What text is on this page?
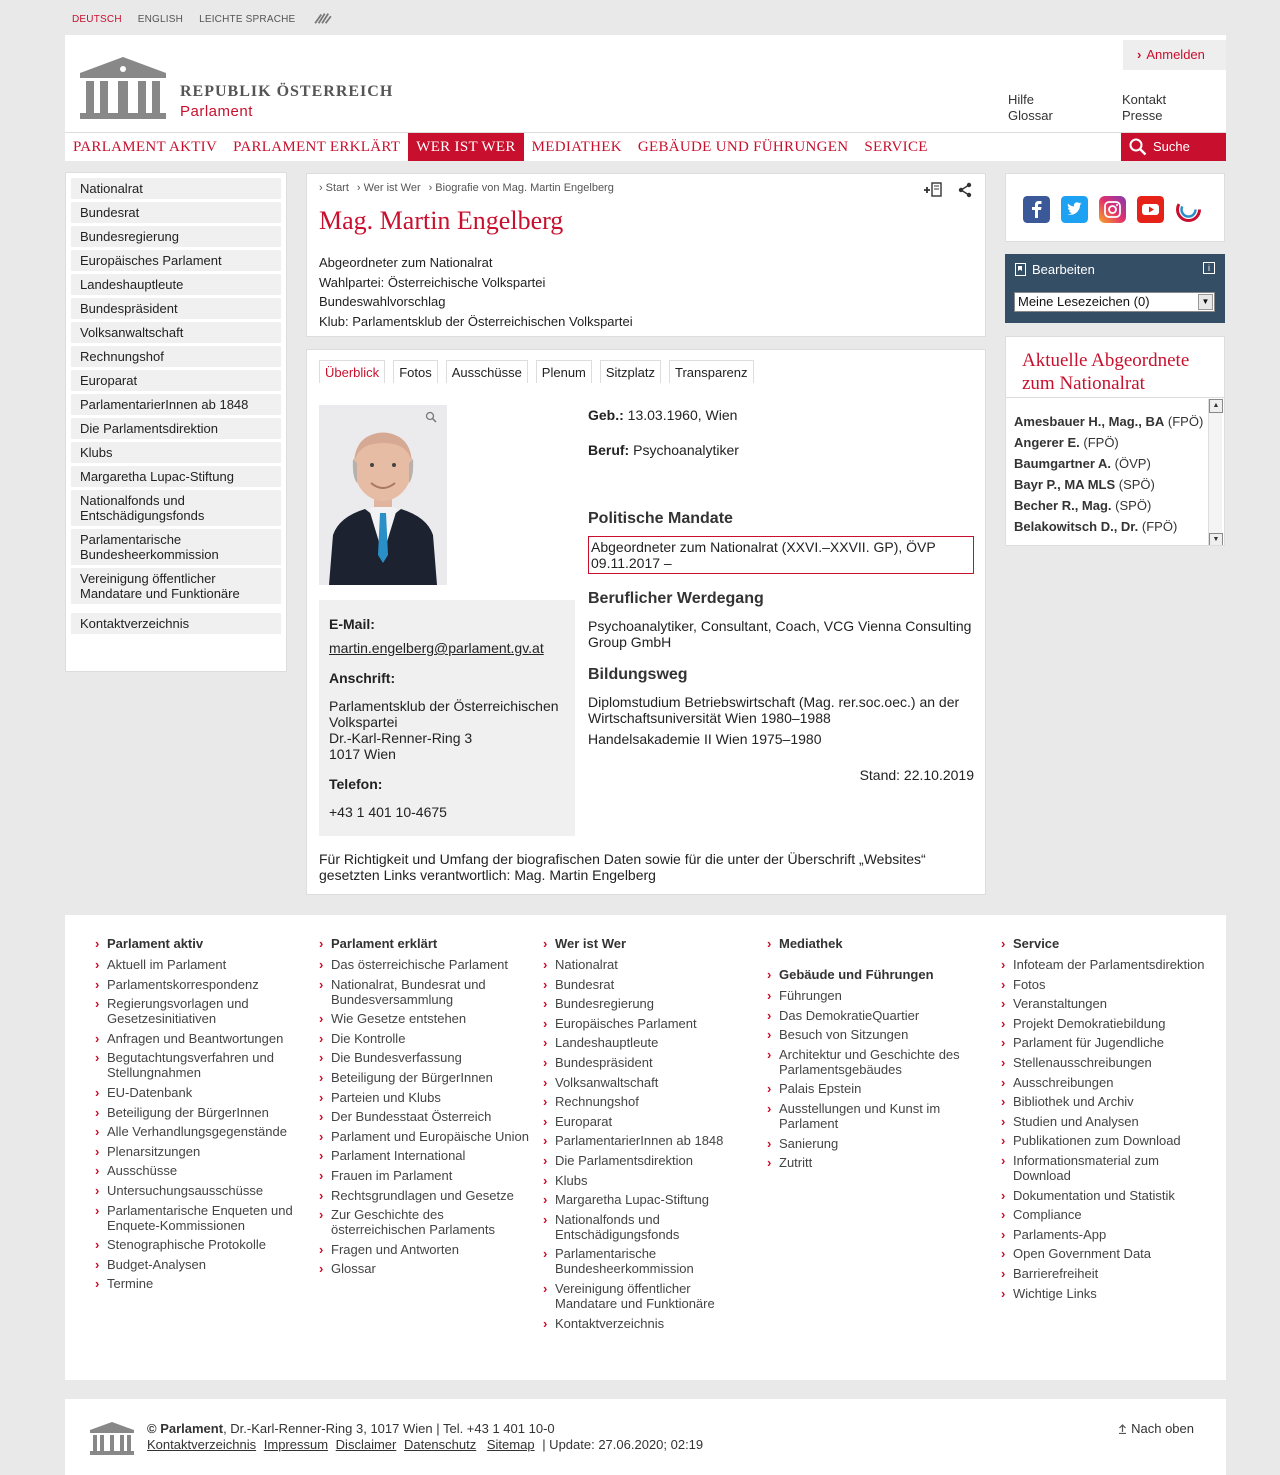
DEUTSCH ENGLISH LEICHTE SPRACHE
REPUBLIK ÖSTERREICH
Parlament
› Anmelden
Hilfe
Glossar
Kontakt
Presse
PARLAMENT AKTIV	PARLAMENT ERKLÄRT	WER IST WER	MEDIATHEK	GEBÄUDE UND FÜHRUNGEN	SERVICE	Suche
Nationalrat
Bundesrat
Bundesregierung
Europäisches Parlament
Landeshauptleute
Bundespräsident
Volksanwaltschaft
Rechnungshof
Europarat
ParlamentarierInnen ab 1848
Die Parlamentsdirektion
Klubs
Margaretha Lupac-Stiftung
Nationalfonds und Entschädigungsfonds
Parlamentarische Bundesheerkommission
Vereinigung öffentlicher Mandatare und Funktionäre
Kontaktverzeichnis
› Start	› Wer ist Wer	› Biografie von Mag. Martin Engelberg
Mag. Martin Engelberg
Abgeordneter zum Nationalrat
Wahlpartei: Österreichische Volkspartei
Bundeswahlvorschlag
Klub: Parlamentsklub der Österreichischen Volkspartei
Überblick	Fotos	Ausschüsse	Plenum	Sitzplatz	Transparenz
E-Mail:
martin.engelberg@parlament.gv.at
Anschrift:
Parlamentsklub der Österreichischen Volkspartei
Dr.-Karl-Renner-Ring 3
1017 Wien
Telefon:
+43 1 401 10-4675
Geb.: 13.03.1960, Wien
Beruf: Psychoanalytiker
Politische Mandate
Abgeordneter zum Nationalrat (XXVI.–XXVII. GP), ÖVP 09.11.2017 –
Beruflicher Werdegang
Psychoanalytiker, Consultant, Coach, VCG Vienna Consulting Group GmbH
Bildungsweg
Diplomstudium Betriebswirtschaft (Mag. rer.soc.oec.) an der Wirtschaftsuniversität Wien 1980–1988
Handelsakademie II Wien 1975–1980
Stand: 22.10.2019
Für Richtigkeit und Umfang der biografischen Daten sowie für die unter der Überschrift „Websites“ gesetzten Links verantwortlich: Mag. Martin Engelberg
Bearbeiten	i
Meine Lesezeichen (0)	▼
Aktuelle Abgeordnete zum Nationalrat
Amesbauer H., Mag., BA (FPÖ)
Angerer E. (FPÖ)
Baumgartner A. (ÖVP)
Bayr P., MA MLS (SPÖ)
Becher R., Mag. (SPÖ)
Belakowitsch D., Dr. (FPÖ)
▲
▼
› Parlament aktiv
› Aktuell im Parlament
› Parlamentskorrespondenz
› Regierungsvorlagen und Gesetzesinitiativen
› Anfragen und Beantwortungen
› Begutachtungsverfahren und Stellungnahmen
› EU-Datenbank
› Beteiligung der BürgerInnen
› Alle Verhandlungsgegenstände
› Plenarsitzungen
› Ausschüsse
› Untersuchungsausschüsse
› Parlamentarische Enqueten und Enquete-Kommissionen
› Stenographische Protokolle
› Budget-Analysen
› Termine
› Parlament erklärt
› Das österreichische Parlament
› Nationalrat, Bundesrat und Bundesversammlung
› Wie Gesetze entstehen
› Die Kontrolle
› Die Bundesverfassung
› Beteiligung der BürgerInnen
› Parteien und Klubs
› Der Bundesstaat Österreich
› Parlament und Europäische Union
› Parlament International
› Frauen im Parlament
› Rechtsgrundlagen und Gesetze
› Zur Geschichte des österreichischen Parlaments
› Fragen und Antworten
› Glossar
› Wer ist Wer
› Nationalrat
› Bundesrat
› Bundesregierung
› Europäisches Parlament
› Landeshauptleute
› Bundespräsident
› Volksanwaltschaft
› Rechnungshof
› Europarat
› ParlamentarierInnen ab 1848
› Die Parlamentsdirektion
› Klubs
› Margaretha Lupac-Stiftung
› Nationalfonds und Entschädigungsfonds
› Parlamentarische Bundesheerkommission
› Vereinigung öffentlicher Mandatare und Funktionäre
› Kontaktverzeichnis
› Mediathek
› Gebäude und Führungen
› Führungen
› Das DemokratieQuartier
› Besuch von Sitzungen
› Architektur und Geschichte des Parlamentsgebäudes
› Palais Epstein
› Ausstellungen und Kunst im Parlament
› Sanierung
› Zutritt
› Service
› Infoteam der Parlamentsdirektion
› Fotos
› Veranstaltungen
› Projekt Demokratiebildung
› Parlament für Jugendliche
› Stellenausschreibungen
› Ausschreibungen
› Bibliothek und Archiv
› Studien und Analysen
› Publikationen zum Download
› Informationsmaterial zum Download
› Dokumentation und Statistik
› Compliance
› Parlaments-App
› Open Government Data
› Barrierefreiheit
› Wichtige Links
© Parlament, Dr.-Karl-Renner-Ring 3, 1017 Wien | Tel. +43 1 401 10-0
Kontaktverzeichnis Impressum Disclaimer Datenschutz Sitemap | Update: 27.06.2020; 02:19
Nach oben
